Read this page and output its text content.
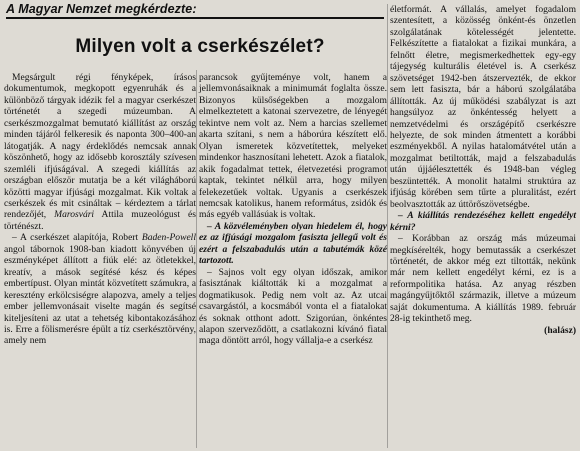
A Magyar Nemzet megkérdezte:
Milyen volt a cserkészélet?

Megsárgult régi fényképek, írásos dokumentumok, megkopott egyenruhák és a különböző tárgyak idézik fel a magyar cserkészet történetét a szegedi múzeumban. A cserkészmozgalmat bemutató kiállítást az ország minden tájáról felkeresik és naponta 300–400-an látogatják. A nagy érdeklődés nemcsak annak köszönhető, hogy az idősebb korosztály szívesen szemléli ifjúságával. A szegedi kiállítás az országban először mutatja be a két világháború közötti magyar ifjúsági mozgalmat. Kik voltak a cserkészek és mit csináltak – kérdeztem a tárlat rendezőjét, Marosvári Attila muzeológust és történészt.

– A cserkészet alapítója, Robert Baden-Powell angol tábornok 1908-ban kiadott könyvében új eszményképet állított a fiúk elé: az ötletekkel, kreatív, a mások segítésé kész és képes embertípust. Olyan mintát közvetített számukra, a keresztény erkölcsiségre alapozva, amely a teljes ember jellemvonásait viselte magán és segítsé kiteljesíteni az utat a tehetség kibontakozásához is. Erre a fölismerésre épült a tíz cserkésztörvény, amely nem

parancsok gyűjteménye volt, hanem a jellemvonásaiknak a minimumát foglalta össze. Bizonyos külsőségekben a mozgalom elmelkeztetett a katonai szervezetre, de lényegét tekintve nem volt az. Nem a harcias szellemet akarta szítani, s nem a háborúra készített elő. Olyan ismeretek közvetítettek, melyeket mindenkor hasznosítani lehetett. Azok a fiatalok, akik fogadalmat tettek, életvezetési programot kaptak, tekintet nélkül arra, hogy milyen felekezetűek voltak. Ugyanis a cserkészek nemcsak katolikus, hanem református, zsidók és más egyéb vallásúak is voltak.

– A közvéleményben olyan hiedelem él, hogy ez az ifjúsági mozgalom fasiszta jellegű volt és ezért a felszabadulás után a tabutémák közé tartozott.

– Sajnos volt egy olyan időszak, amikor fasisztának kiáltották ki a mozgalmat a dogmatikusok. Pedig nem volt az. Az utcai csavargástól, a kocsmából vonta el a fiatalokat és soknak otthont adott. Szigorúan, önkéntes alapon szerveződött, a csatlakozni kívánó fiatal maga döntött arról, hogy vállalja-e a cserkész

életformát. A vállalás, amelyet fogadalom szentesített, a közösség önként-és önzetlen szolgálatának kötelességét jelentette. Felkészítette a fiatalokat a fizikai munkára, a felnőtt életre, megismerkedhettek egy-egy tájegység kulturális életével is. A cserkész szövetséget 1942-ben átszervezték, de ekkor sem lett fasiszta, bár a háború szolgálatába állították. Az új működési szabályzat is azt hangsúlyoz az önkéntesség helyett a nemzetvédelmi és országépítő cserkészre helyezte, de sok minden átmentett a korábbi eszményekből. A nyilas hatalomátvétel után a mozgalmat betiltották, majd a felszabadulás után újjáélesztették és 1948-ban végleg beszüntették. A monolit hatalmi struktúra az ifjúság körében sem tűrte a pluralitást, ezért beolvasztották az úttörőszövetségbe.

– A kiállítás rendezéséhez kellett engedélyt kérni?

– Korábban az ország más múzeumai megkísérelték, hogy bemutassák a cserkészet történetét, de akkor még ezt tiltották, nekünk már nem kellett engedélyt kérni, ez is a reformpolitika hatása. Az anyag részben magángyűjtőktől származik, illetve a múzeum saját dokumentuma. A kiállítás 1989. február 28-ig tekinthető meg.

(halász)
